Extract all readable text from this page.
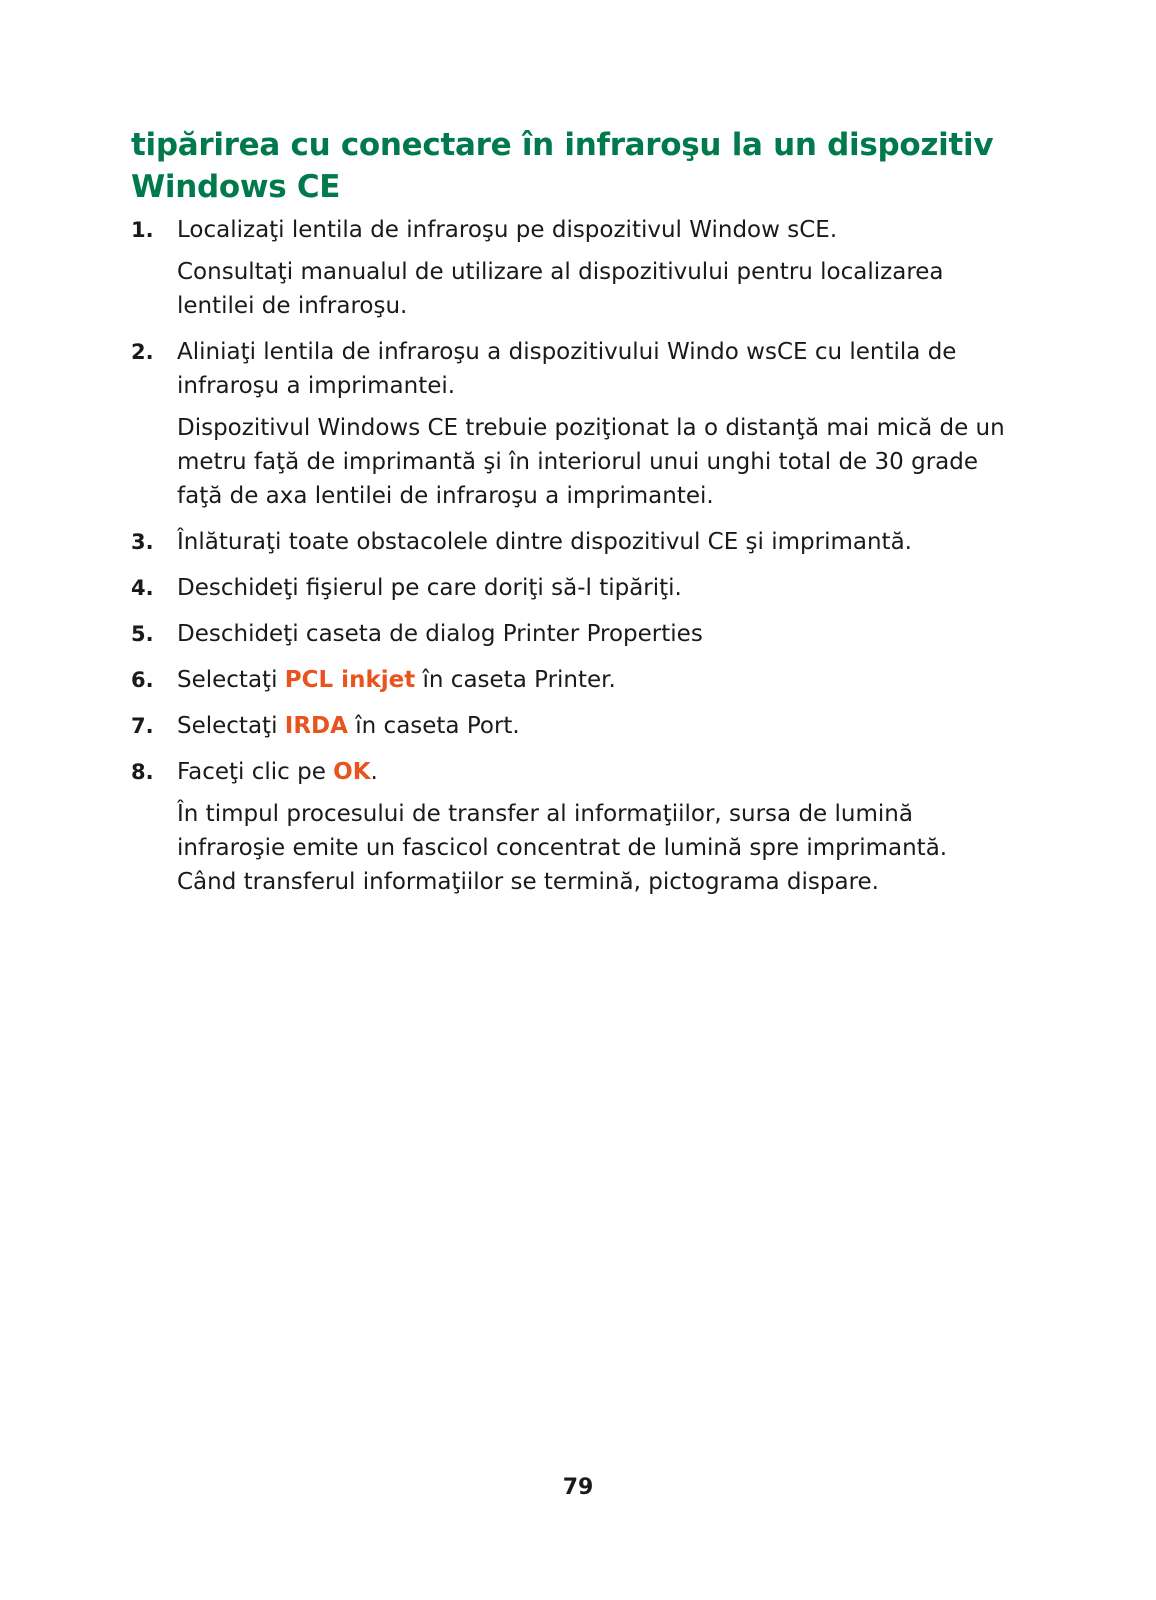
tipărirea cu conectare în infraroşu la un dispozitiv Windows CE
1. Localizaţi lentila de infraroşu pe dispozitivul Window sCE.
Consultaţi manualul de utilizare al dispozitivului pentru localizarea lentilei de infraroşu.
2. Aliniaţi lentila de infraroşu a dispozitivului Windo wsCE cu lentila de infraroşu a imprimantei.
Dispozitivul Windows CE trebuie poziţionat la o distanţă mai mică de un metru faţă de imprimantă şi în interiorul unui unghi total de 30 grade faţă de axa lentilei de infraroşu a imprimantei.
3. Înlăturaţi toate obstacolele dintre dispozitivul CE şi imprimantă.
4. Deschideţi fişierul pe care doriţi să-l tipăriţi.
5. Deschideţi caseta de dialog Printer Properties
6. Selectaţi PCL inkjet în caseta Printer.
7. Selectaţi IRDA în caseta Port.
8. Faceţi clic pe OK.
În timpul procesului de transfer al informaţiilor, sursa de lumină infraroşie emite un fascicol concentrat de lumină spre imprimantă. Când transferul informaţiilor se termină, pictograma dispare.
79
